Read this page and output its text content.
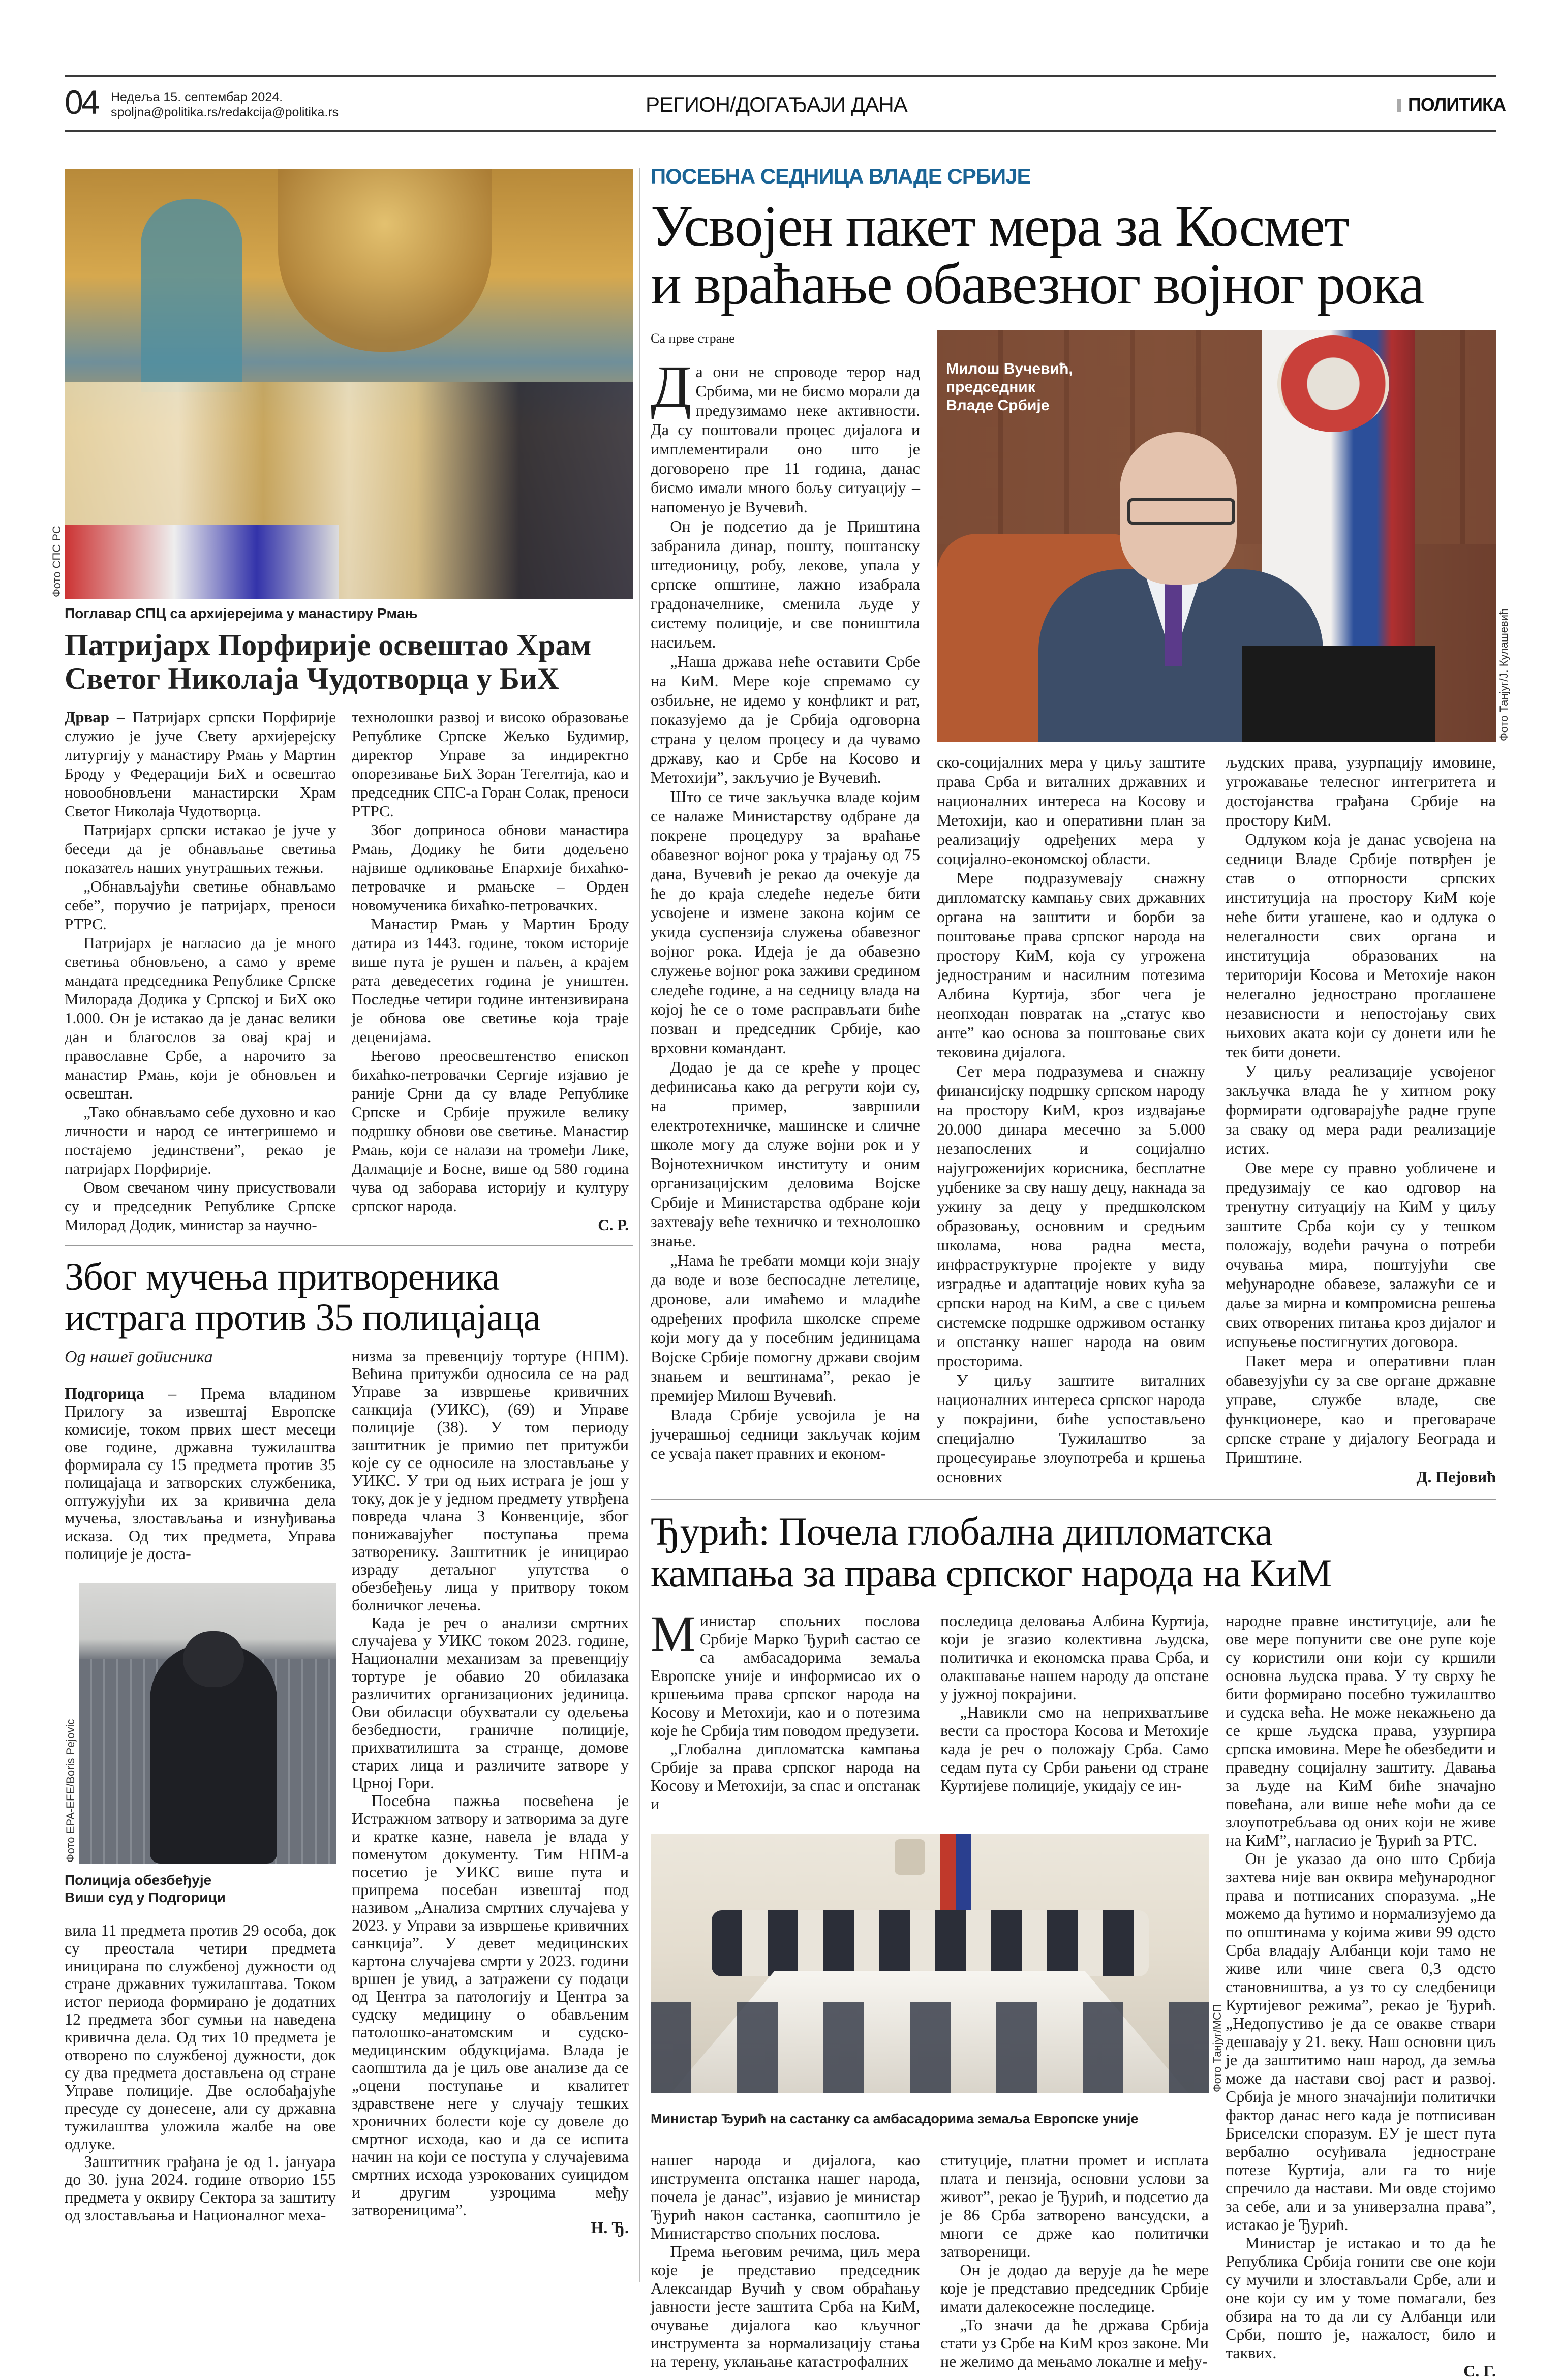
04 Недеља 15. септембар 2024.
spoljna@politika.rs/redakcija@politika.rs	РЕГИОН/ДОГАЂАЈИ ДАНА	ПОЛИТИКА
Фото СПС РС
Поглавар СПЦ са архијерејима у манастиру Рмањ
Патријарх Порфирије освештао Храм
Светог Николаја Чудотворца у БиХ

Дрвар – Патријарх српски Порфирије служио је јуче Свету архијерејску литургију у манастиру Рмањ у Мартин Броду у Федерацији БиХ и освештао новообновљени манастирски Храм Светог Николаја Чудотворца.

Патријарх српски истакао је јуче у беседи да је обнављање светиња показатељ наших унутрашњих тежњи.

„Обнављајући светиње обнављамо себе”, поручио је патријарх, преноси РТРС.

Патријарх је нагласио да је много светиња обновљено, а само у време мандата председника Републике Српске Милорада Додика у Српској и БиХ око 1.000. Он је истакао да је данас велики дан и благослов за овај крај и православне Србе, а нарочито за манастир Рмањ, који је обновљен и освештан.

„Тако обнављамо себе духовно и као личности и народ се интегришемо и постајемо јединствени”, рекао је патријарх Порфирије.

Овом свечаном чину присуствовали су и председник Републике Српске Милорад Додик, министар за научно-

технолошки развој и високо образовање Републике Српске Жељко Будимир, директор Управе за индиректно опорезивање БиХ Зоран Тегелтија, као и председник СПС-а Горан Солак, преноси РТРС.

Због доприноса обнови манастира Рмањ, Додику ће бити додељено највише одликовање Епархије бихаћко-петровачке и рмањске – Орден новомученика бихаћко-петровачких.

Манастир Рмањ у Мартин Броду датира из 1443. године, током историје више пута је рушен и паљен, а крајем рата деведесетих година је уништен. Последње четири године интензивирана је обнова ове светиње која траје деценијама.

Његово преосвештенство епископ бихаћко-петровачки Сергије изјавио је раније Срни да су владе Републике Српске и Србије пружиле велику подршку обнови ове светиње. Манастир Рмањ, који се налази на тромеђи Лике, Далмације и Босне, више од 580 година чува од заборава историју и културу српског народа.

С. Р.
Због мучења притвореника
истрага против 35 полицајаца
Од нашег дописника

Подгорица – Према владином Прилогу за извештај Европске комисије, током првих шест месеци ове године, државна тужилаштва формирала су 15 предмета против 35 полицајаца и затворских службеника, оптужујући их за кривична дела мучења, злостављања и изнуђивања исказа. Од тих предмета, Управа полиције је доста-

Фото EPA-EFE/Boris Pejovic
Полиција обезбеђује
Виши суд у Подгорици

вила 11 предмета против 29 особа, док су преостала четири предмета иницирана по службеној дужности од стране државних тужилаштава. Током истог периода формирано је додатних 12 предмета због сумњи на наведена кривична дела. Од тих 10 предмета је отворено по службеној дужности, док су два предмета достављена од стране Управе полиције. Две ослобађајуће пресуде су донесене, али су државна тужилаштва уложила жалбе на ове одлуке.

Заштитник грађана је од 1. јануара до 30. јуна 2024. године отворио 155 предмета у оквиру Сектора за заштиту од злостављања и Националног меха-

низма за превенцију тортуре (НПМ). Већина притужби односила се на рад Управе за извршење кривичних санкција (УИКС), (69) и Управе полиције (38). У том периоду заштитник је примио пет притужби које су се односиле на злостављање у УИКС. У три од њих истрага је још у току, док је у једном предмету утврђена повреда члана 3 Конвенције, због понижавајућег поступања према затворенику. Заштитник је иницирао израду детаљног упутства о обезбеђењу лица у притвору током болничког лечења.

Када је реч о анализи смртних случајева у УИКС током 2023. године, Национални механизам за превенцију тортуре је обавио 20 обилазака различитих организационих јединица. Ови обиласци обухватали су одељења безбедности, граничне полиције, прихватилишта за странце, домове старих лица и различите затворе у Црној Гори.

Посебна пажња посвећена је Истражном затвору и затворима за дуге и кратке казне, навела је влада у поменутом документу. Тим НПМ-а посетио је УИКС више пута и припрема посебан извештај под називом „Анализа смртних случајева у 2023. у Управи за извршење кривичних санкција”. У девет медицинских картона случајева смрти у 2023. години вршен је увид, а затражени су подаци од Центра за патологију и Центра за судску медицину о обављеним патолошко-анатомским и судско-медицинским обдукцијама. Влада је саопштила да је циљ ове анализе да се „оцени поступање и квалитет здравствене неге у случају тешких хроничних болести које су довеле до смртног исхода, као и да се испита начин на који се поступа у случајевима смртних исхода узрокованих суицидом и другим узроцима међу затвореницима”.

Н. Ђ.
ПОСЕБНА СЕДНИЦА ВЛАДЕ СРБИЈЕ
Усвојен пакет мера за Космет
и враћање обавезног војног рока
Са прве стране

Да они не спроводе терор над Србима, ми не бисмо морали да предузимамо неке активности. Да су поштовали процес дијалога и имплементирали оно што је договорено пре 11 година, данас бисмо имали много бољу ситуацију – напоменуо је Вучевић.

Он је подсетио да је Приштина забранила динар, пошту, поштанску штедионицу, робу, лекове, упала у српске општине, лажно изабрала градоначелнике, сменила људе у систему полиције, и све поништила насиљем.

„Наша држава неће оставити Србе на КиМ. Мере које спремамо су озбиљне, не идемо у конфликт и рат, показујемо да је Србија одговорна страна у целом процесу и да чувамо државу, као и Србе на Косово и Метохији”, закључио је Вучевић.

Што се тиче закључка владе којим се налаже Министарству одбране да покрене процедуру за враћање обавезног војног рока у трајању од 75 дана, Вучевић је рекао да очекује да ће до краја следеће недеље бити усвојене и измене закона којим се укида суспензија служења обавезног војног рока. Идеја је да обавезно служење војног рока заживи средином следеће године, а на седницу влада на којој ће се о томе расправљати биће позван и председник Србије, као врховни командант.

Додао је да се креће у процес дефинисања како да регрути који су, на пример, завршили електротехничке, машинске и сличне школе могу да служе војни рок и у Војнотехничком институту и оним организацијским деловима Војске Србије и Министарства одбране који захтевају веће техничко и технолошко знање.

„Нама ће требати момци који знају да воде и возе беспосадне летелице, дронове, али имаћемо и младиће одређених профила школске спреме који могу да у посебним јединицама Војске Србије помогну држави својим знањем и вештинама”, рекао је премијер Милош Вучевић.

Влада Србије усвојила је на јучерашњој седници закључак којим се усваја пакет правних и економ-

Милош Вучевић,
председник
Владе Србије
Фото Танјуг/Ј. Кулашевић

ско-социјалних мера у циљу заштите права Срба и виталних државних и националних интереса на Косову и Метохији, као и оперативни план за реализацију одређених мера у социјално-економској области.

Мере подразумевају снажну дипломатску кампању свих државних органа на заштити и борби за поштовање права српског народа на простору КиМ, која су угрожена једностраним и насилним потезима Албина Куртија, због чега је неопходан повратак на „статус кво анте” као основа за поштовање свих тековина дијалога.

Сет мера подразумева и снажну финансијску подршку српском народу на простору КиМ, кроз издвајање 20.000 динара месечно за 5.000 незапослених и социјално најугроженијих корисника, бесплатне уџбенике за сву нашу децу, накнада за ужину за децу у предшколском образовању, основним и средњим школама, нова радна места, инфраструктурне пројекте у виду изградње и адаптације нових кућа за српски народ на КиМ, а све с циљем системске подршке одрживом останку и опстанку нашег народа на овим просторима.

У циљу заштите виталних националних интереса српског народа у покрајини, биће успостављено специјално Тужилаштво за процесуирање злоупотреба и кршења основних

људских права, узурпацију имовине, угрожавање телесног интегритета и достојанства грађана Србије на простору КиМ.

Одлуком која је данас усвојена на седници Владе Србије потврђен је став о отпорности српских институција на простору КиМ које неће бити угашене, као и одлука о нелегалности свих органа и институција образованих на територији Косова и Метохије након нелегално једнострано проглашене независности и непостојању свих њихових аката који су донети или ће тек бити донети.

У циљу реализације усвојеног закључка влада ће у хитном року формирати одговарајуће радне групе за сваку од мера ради реализације истих.

Ове мере су правно уобличене и предузимају се као одговор на тренутну ситуацију на КиМ у циљу заштите Срба који су у тешком положају, водећи рачуна о потреби очувања мира, поштујући све међународне обавезе, залажући се и даље за мирна и компромисна решења свих отворених питања кроз дијалог и испуњење постигнутих договора.

Пакет мера и оперативни план обавезујући су за све органе државне управе, службе владе, све функционере, као и преговараче српске стране у дијалогу Београда и Приштине.

Д. Пејовић
Ђурић: Почела глобална дипломатска
кампања за права српског народа на КиМ

Министар спољних послова Србије Марко Ђурић састао се са амбасадорима земаља Европске уније и информисао их о кршењима права српског народа на Косову и Метохији, као и о потезима које ће Србија тим поводом предузети.

„Глобална дипломатска кампања Србије за права српског народа на Косову и Метохији, за спас и опстанак и

последица деловања Албина Куртија, који је згазио колективна људска, политичка и економска права Срба, и олакшавање нашем народу да опстане у јужној покрајини.

„Навикли смо на неприхватљиве вести са простора Косова и Метохије када је реч о положају Срба. Само седам пута су Срби рањени од стране Куртијеве полиције, укидају се ин-

Фото Танјуг/МСП
Министар Ђурић на састанку са амбасадорима земаља Европске уније

нашег народа и дијалога, као инструмента опстанка нашег народа, почела је данас”, изјавио је министар Ђурић након састанка, саопштило је Министарство спољних послова.

Према његовим речима, циљ мера које је представио председник Александар Вучић у свом обраћању јавности јесте заштита Срба на КиМ, очување дијалога као кључног инструмента за нормализацију стања на терену, уклањање катастрофалних

ституције, платни промет и исплата плата и пензија, основни услови за живот”, рекао је Ђурић, и подсетио да је 86 Срба затворено вансудски, а многи се држе као политички затвореници.

Он је додао да верује да ће мере које је представио председник Србије имати далекосежне последице.

„То значи да ће држава Србија стати уз Србе на КиМ кроз законе. Ми не желимо да мењамо локалне и међу-

народне правне институције, али ће ове мере попунити све оне рупе које су користили они који су кршили основна људска права. У ту сврху ће бити формирано посебно тужилаштво и судска већа. Не може некажњено да се крше људска права, узурпира српска имовина. Мере ће обезбедити и праведну социјалну заштиту. Давања за људе на КиМ биће значајно повећана, али више неће моћи да се злоупотребљава од оних који не живе на КиМ”, нагласио је Ђурић за РТС.

Он је указао да оно што Србија захтева није ван оквира међународног права и потписаних споразума. „Не можемо да ћутимо и нормализујемо да по општинама у којима живи 99 одсто Срба владају Албанци који тамо не живе или чине свега 0,3 одсто становништва, а уз то су следбеници Куртијевог режима”, рекао је Ђурић. „Недопустиво је да се овакве ствари дешавају у 21. веку. Наш основни циљ је да заштитимо наш народ, да земља може да настави свој раст и развој. Србија је много значајнији политички фактор данас него када је потписиван Бриселски споразум. ЕУ је шест пута вербално осуђивала једностране потезе Куртија, али га то није спречило да настави. Ми овде стојимо за себе, али и за универзална права”, истакао је Ђурић.

Министар је истакао и то да ће Република Србија гонити све оне који су мучили и злостављали Србе, али и оне који су им у томе помагали, без обзира на то да ли су Албанци или Срби, пошто је, нажалост, било и таквих.

С. Г.
